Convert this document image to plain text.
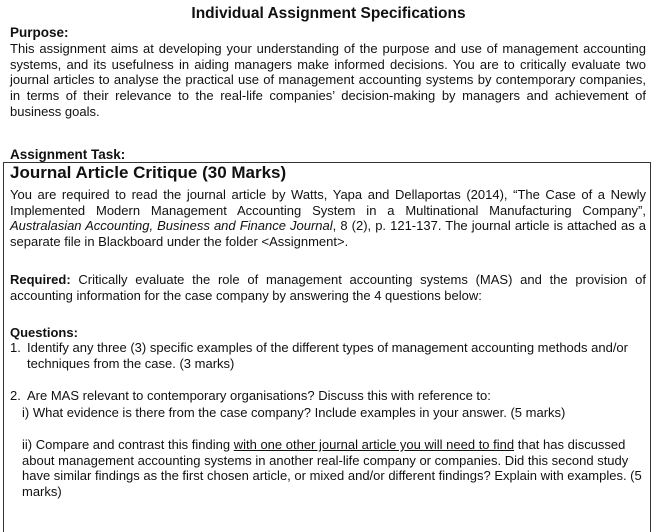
Individual Assignment Specifications
Purpose:
This assignment aims at developing your understanding of the purpose and use of management accounting systems, and its usefulness in aiding managers make informed decisions. You are to critically evaluate two journal articles to analyse the practical use of management accounting systems by contemporary companies, in terms of their relevance to the real-life companies’ decision-making by managers and achievement of business goals.
Assignment Task:
Journal Article Critique (30 Marks)
You are required to read the journal article by Watts, Yapa and Dellaportas (2014), “The Case of a Newly Implemented Modern Management Accounting System in a Multinational Manufacturing Company”, Australasian Accounting, Business and Finance Journal, 8 (2), p. 121-137. The journal article is attached as a separate file in Blackboard under the folder <Assignment>.
Required: Critically evaluate the role of management accounting systems (MAS) and the provision of accounting information for the case company by answering the 4 questions below:
Questions:
1. Identify any three (3) specific examples of the different types of management accounting methods and/or techniques from the case. (3 marks)
2. Are MAS relevant to contemporary organisations? Discuss this with reference to:
i) What evidence is there from the case company? Include examples in your answer. (5 marks)
ii) Compare and contrast this finding with one other journal article you will need to find that has discussed about management accounting systems in another real-life company or companies. Did this second study have similar findings as the first chosen article, or mixed and/or different findings? Explain with examples. (5 marks)
